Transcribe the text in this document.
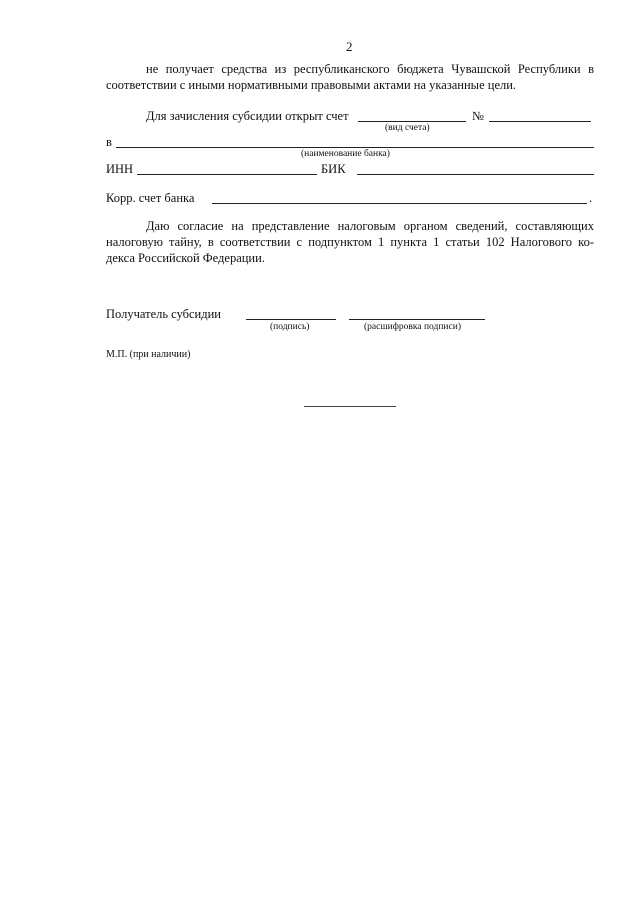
2
не получает средства из республиканского бюджета Чувашской Республики в
соответствии с иными нормативными правовыми актами на указанные цели.
Для зачисления субсидии открыт счет	№
(вид счета)
в
(наименование банка)
ИНН	БИК
Корр. счет банка	.
Даю согласие на представление налоговым органом сведений, составляющих
налоговую тайну, в соответствии с подпунктом 1 пункта 1 статьи 102 Налогового ко-
декса Российской Федерации.
Получатель субсидии
(подпись)	(расшифровка подписи)
М.П. (при наличии)
